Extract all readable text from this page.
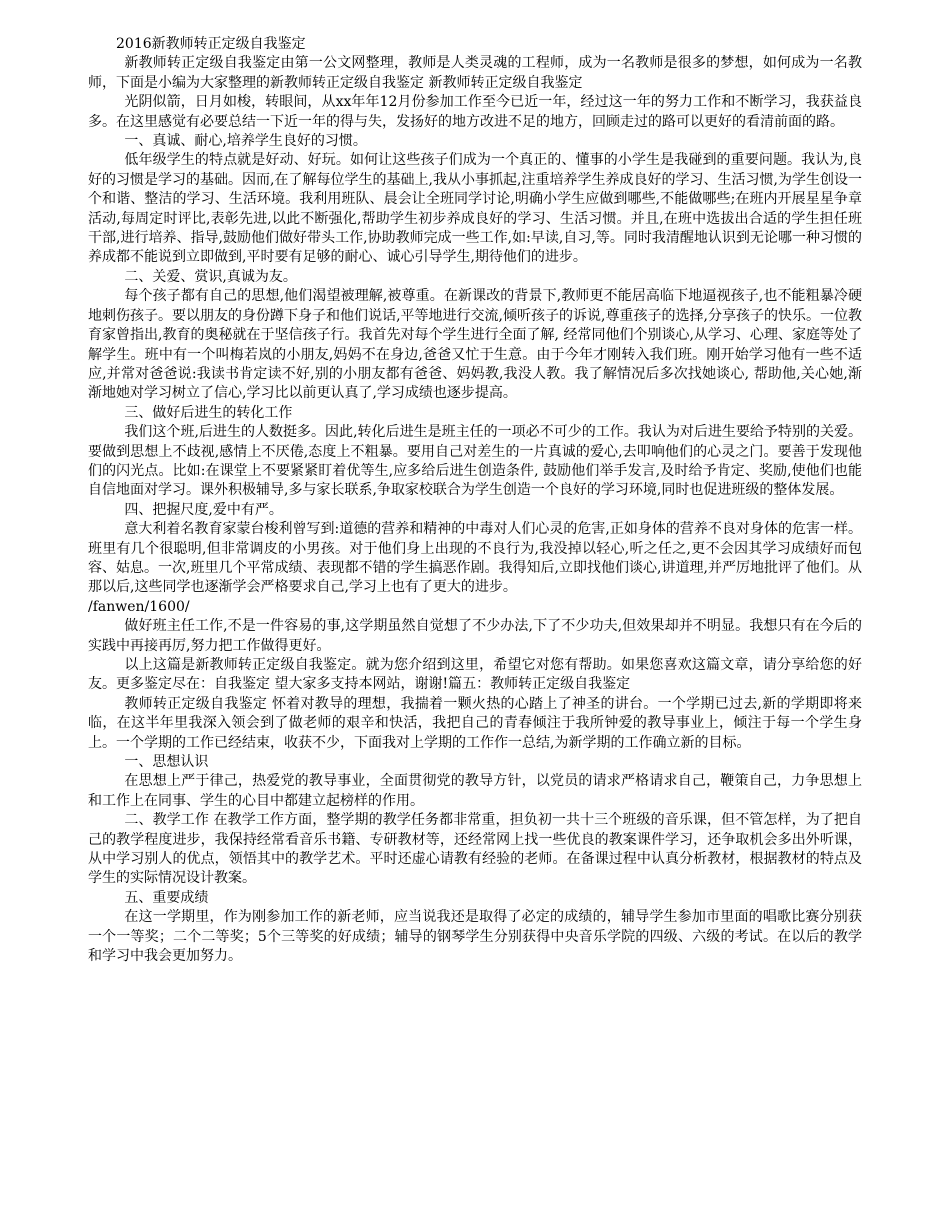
2016新教师转正定级自我鉴定

新教师转正定级自我鉴定由第一公文网整理，教师是人类灵魂的工程师，成为一名教师是很多的梦想，如何成为一名教师，下面是小编为大家整理的新教师转正定级自我鉴定 新教师转正定级自我鉴定

光阴似箭，日月如梭，转眼间，从xx年年12月份参加工作至今已近一年，经过这一年的努力工作和不断学习，我获益良多。在这里感觉有必要总结一下近一年的得与失，发扬好的地方改进不足的地方，回顾走过的路可以更好的看清前面的路。

一、真诚、耐心,培养学生良好的习惯。

低年级学生的特点就是好动、好玩。如何让这些孩子们成为一个真正的、懂事的小学生是我碰到的重要问题。我认为,良好的习惯是学习的基础。因而,在了解每位学生的基础上,我从小事抓起,注重培养学生养成良好的学习、生活习惯,为学生创设一个和谐、整洁的学习、生活环境。我利用班队、晨会让全班同学讨论,明确小学生应做到哪些,不能做哪些;在班内开展星星争章活动,每周定时评比,表彰先进,以此不断强化,帮助学生初步养成良好的学习、生活习惯。并且,在班中选拔出合适的学生担任班干部,进行培养、指导,鼓励他们做好带头工作,协助教师完成一些工作,如:早读,自习,等。同时我清醒地认识到无论哪一种习惯的养成都不能说到立即做到,平时要有足够的耐心、诚心引导学生,期待他们的进步。

二、关爱、赏识,真诚为友。

每个孩子都有自己的思想,他们渴望被理解,被尊重。在新课改的背景下,教师更不能居高临下地逼视孩子,也不能粗暴冷硬地刺伤孩子。要以朋友的身份蹲下身子和他们说话,平等地进行交流,倾听孩子的诉说,尊重孩子的选择,分享孩子的快乐。一位教育家曾指出,教育的奥秘就在于坚信孩子行。我首先对每个学生进行全面了解, 经常同他们个别谈心,从学习、心理、家庭等处了解学生。班中有一个叫梅若岚的小朋友,妈妈不在身边,爸爸又忙于生意。由于今年才刚转入我们班。刚开始学习他有一些不适应,并常对爸爸说:我读书肯定读不好,别的小朋友都有爸爸、妈妈教,我没人教。我了解情况后多次找她谈心, 帮助他,关心她,渐渐地她对学习树立了信心,学习比以前更认真了,学习成绩也逐步提高。

三、做好后进生的转化工作

我们这个班,后进生的人数挺多。因此,转化后进生是班主任的一项必不可少的工作。我认为对后进生要给予特别的关爱。要做到思想上不歧视,感情上不厌倦,态度上不粗暴。要用自己对差生的一片真诚的爱心,去叩响他们的心灵之门。要善于发现他们的闪光点。比如:在课堂上不要紧紧盯着优等生,应多给后进生创造条件, 鼓励他们举手发言,及时给予肯定、奖励,使他们也能自信地面对学习。课外积极辅导,多与家长联系,争取家校联合为学生创造一个良好的学习环境,同时也促进班级的整体发展。

四、把握尺度,爱中有严。

意大利着名教育家蒙台梭利曾写到:道德的营养和精神的中毒对人们心灵的危害,正如身体的营养不良对身体的危害一样。班里有几个很聪明,但非常调皮的小男孩。对于他们身上出现的不良行为,我没掉以轻心,听之任之,更不会因其学习成绩好而包容、姑息。一次,班里几个平常成绩、表现都不错的学生搞恶作剧。我得知后,立即找他们谈心,讲道理,并严厉地批评了他们。从那以后,这些同学也逐渐学会严格要求自己,学习上也有了更大的进步。

/fanwen/1600/

做好班主任工作,不是一件容易的事,这学期虽然自觉想了不少办法,下了不少功夫,但效果却并不明显。我想只有在今后的实践中再接再厉,努力把工作做得更好。

以上这篇是新教师转正定级自我鉴定。就为您介绍到这里，希望它对您有帮助。如果您喜欢这篇文章，请分享给您的好友。更多鉴定尽在：自我鉴定 望大家多支持本网站，谢谢!篇五：教师转正定级自我鉴定

教师转正定级自我鉴定 怀着对教导的理想，我揣着一颗火热的心踏上了神圣的讲台。一个学期已过去,新的学期即将来临，在这半年里我深入领会到了做老师的艰辛和快活，我把自己的青春倾注于我所钟爱的教导事业上，倾注于每一个学生身上。一个学期的工作已经结束，收获不少，下面我对上学期的工作作一总结,为新学期的工作确立新的目标。

一、思想认识

在思想上严于律己，热爱党的教导事业，全面贯彻党的教导方针，以党员的请求严格请求自己，鞭策自己，力争思想上和工作上在同事、学生的心目中都建立起榜样的作用。

二、教学工作 在教学工作方面，整学期的教学任务都非常重，担负初一共十三个班级的音乐课，但不管怎样，为了把自己的教学程度进步，我保持经常看音乐书籍、专研教材等，还经常网上找一些优良的教案课件学习，还争取机会多出外听课，从中学习别人的优点，领悟其中的教学艺术。平时还虚心请教有经验的老师。在备课过程中认真分析教材，根据教材的特点及学生的实际情况设计教案。

五、重要成绩

在这一学期里，作为刚参加工作的新老师，应当说我还是取得了必定的成绩的，辅导学生参加市里面的唱歌比赛分别获一个一等奖；二个二等奖；5个三等奖的好成绩；辅导的钢琴学生分别获得中央音乐学院的四级、六级的考试。在以后的教学和学习中我会更加努力。
